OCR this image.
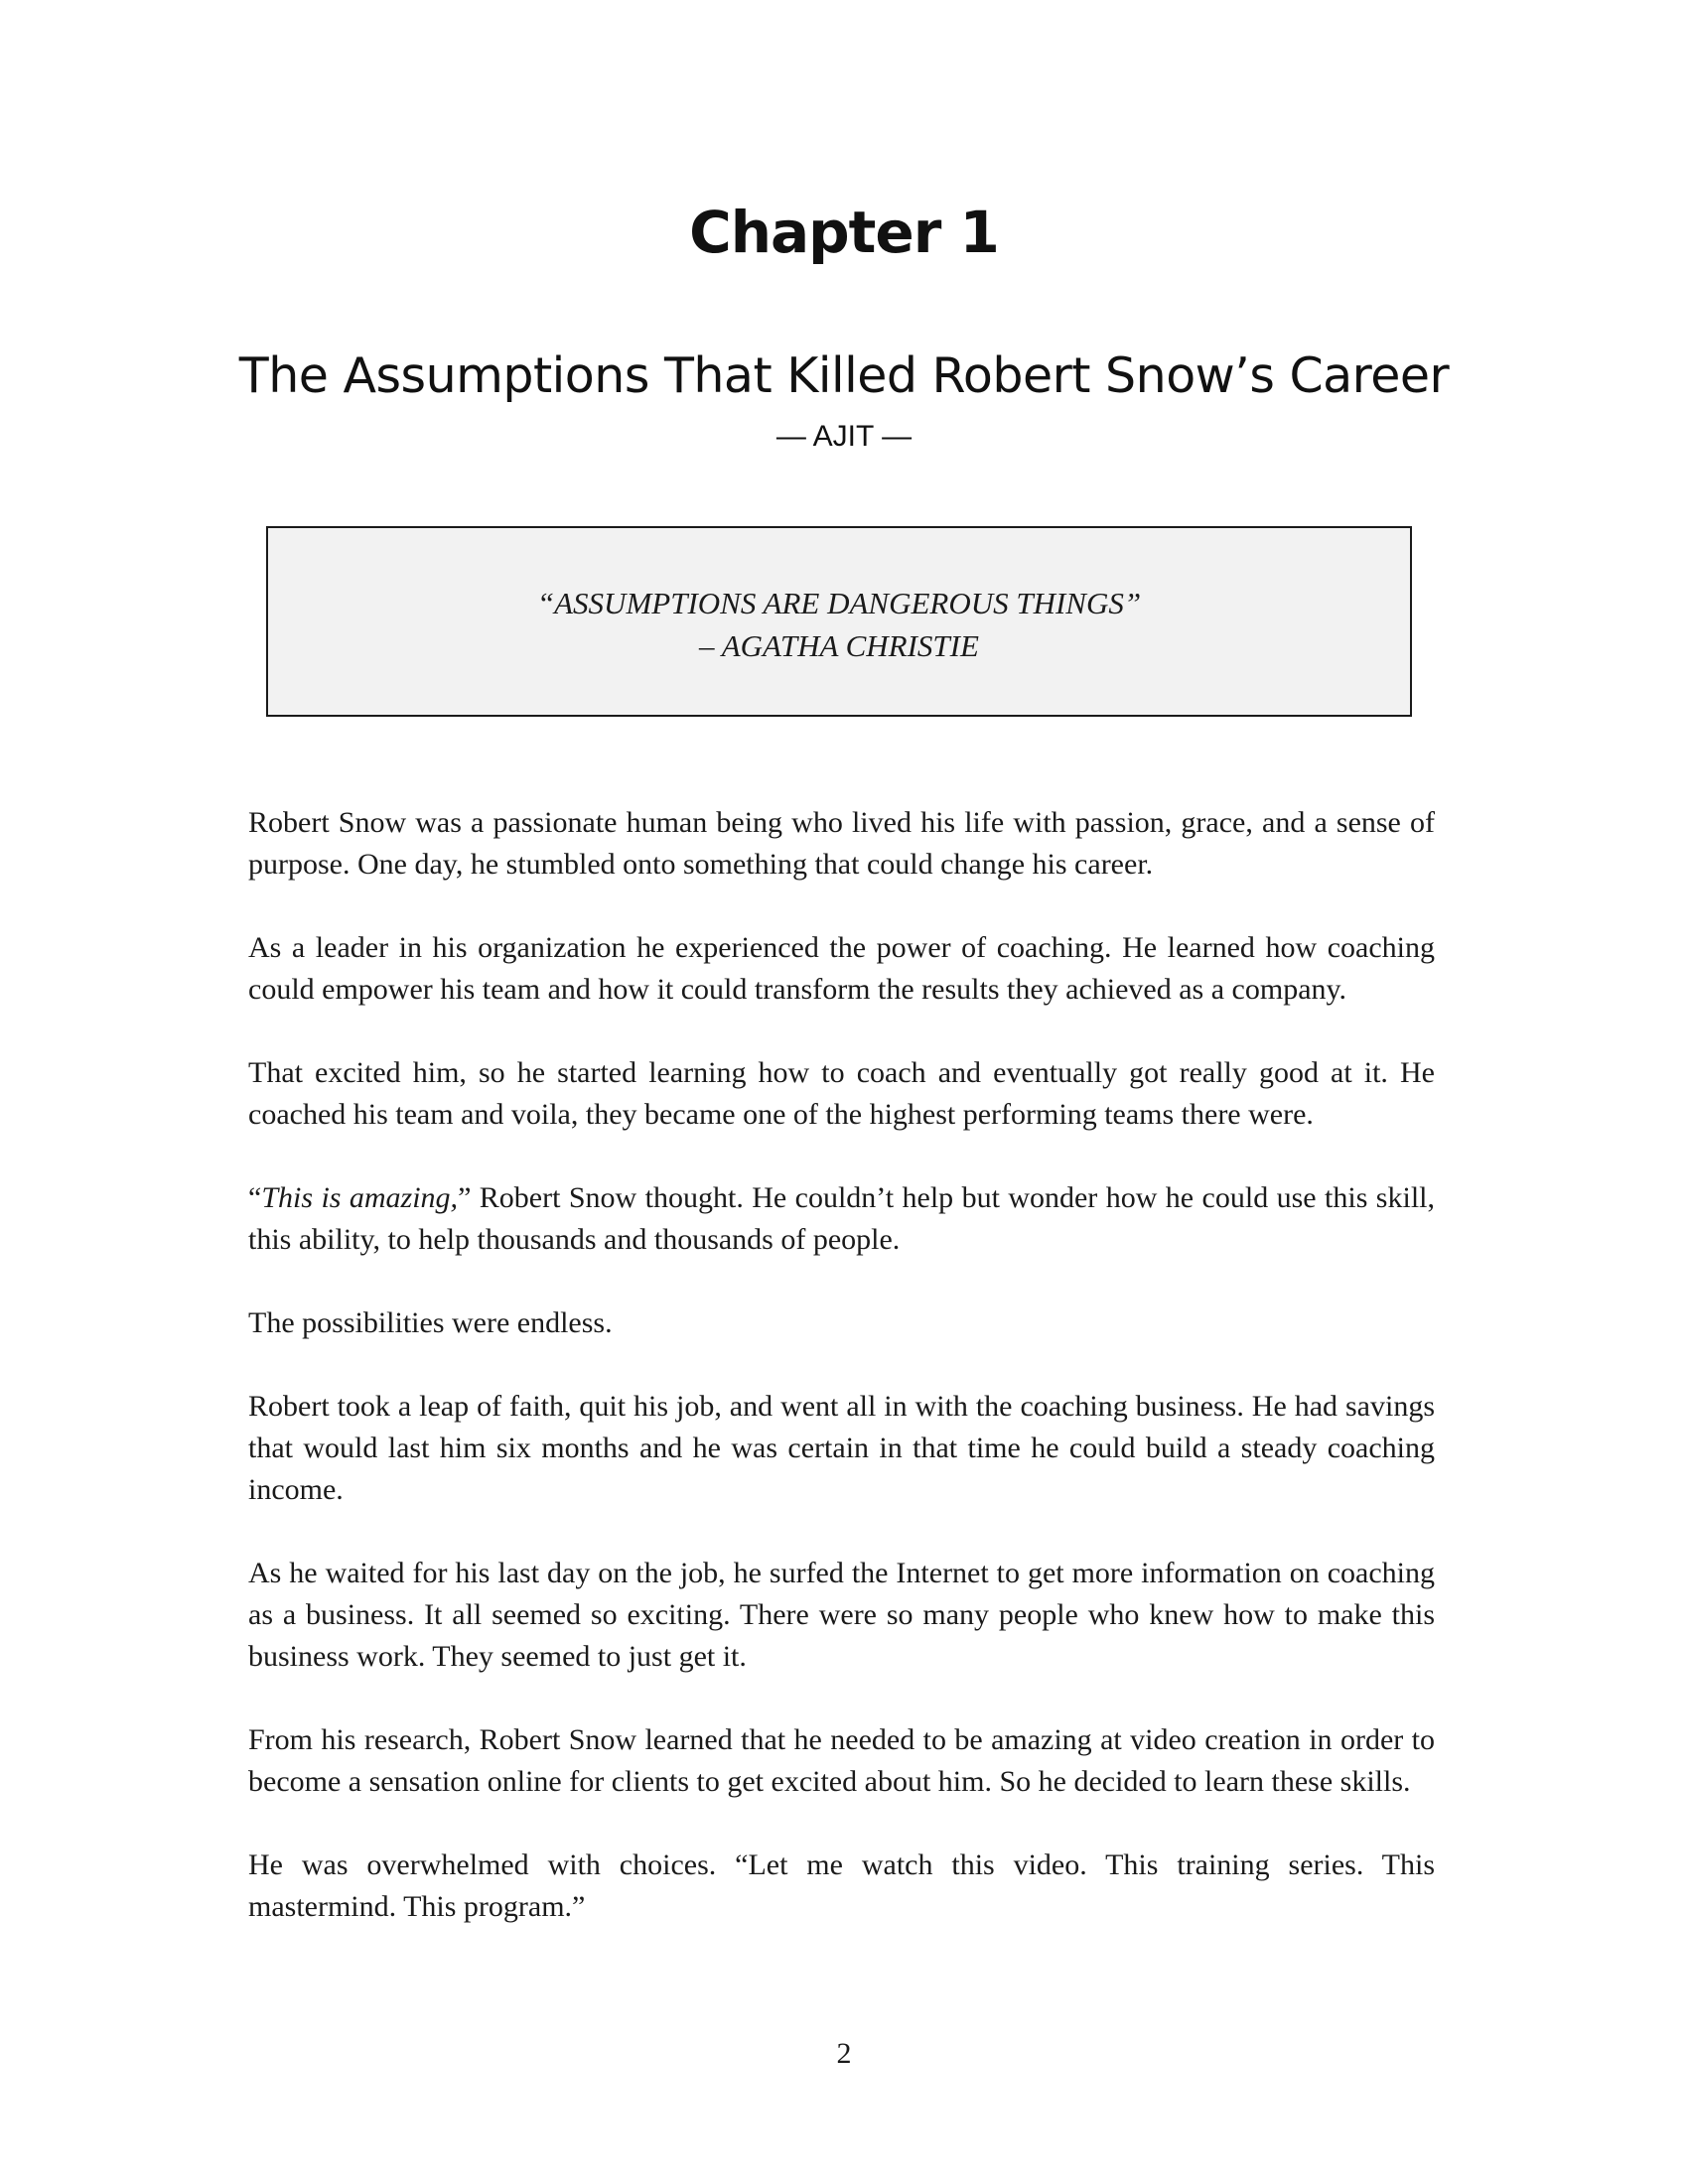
Chapter 1
The Assumptions That Killed Robert Snow’s Career
— AJIT —
“ASSUMPTIONS ARE DANGEROUS THINGS”
– AGATHA CHRISTIE

Robert Snow was a passionate human being who lived his life with passion, grace, and a sense of purpose. One day, he stumbled onto something that could change his career.

As a leader in his organization he experienced the power of coaching. He learned how coaching could empower his team and how it could transform the results they achieved as a company.

That excited him, so he started learning how to coach and eventually got really good at it. He coached his team and voila, they became one of the highest performing teams there were.

“This is amazing,” Robert Snow thought. He couldn’t help but wonder how he could use this skill, this ability, to help thousands and thousands of people.

The possibilities were endless.

Robert took a leap of faith, quit his job, and went all in with the coaching business. He had savings that would last him six months and he was certain in that time he could build a steady coaching income.

As he waited for his last day on the job, he surfed the Internet to get more information on coaching as a business. It all seemed so exciting. There were so many people who knew how to make this business work. They seemed to just get it.

From his research, Robert Snow learned that he needed to be amazing at video creation in order to become a sensation online for clients to get excited about him. So he decided to learn these skills.

He was overwhelmed with choices. “Let me watch this video. This training series. This mastermind. This program.”

2
